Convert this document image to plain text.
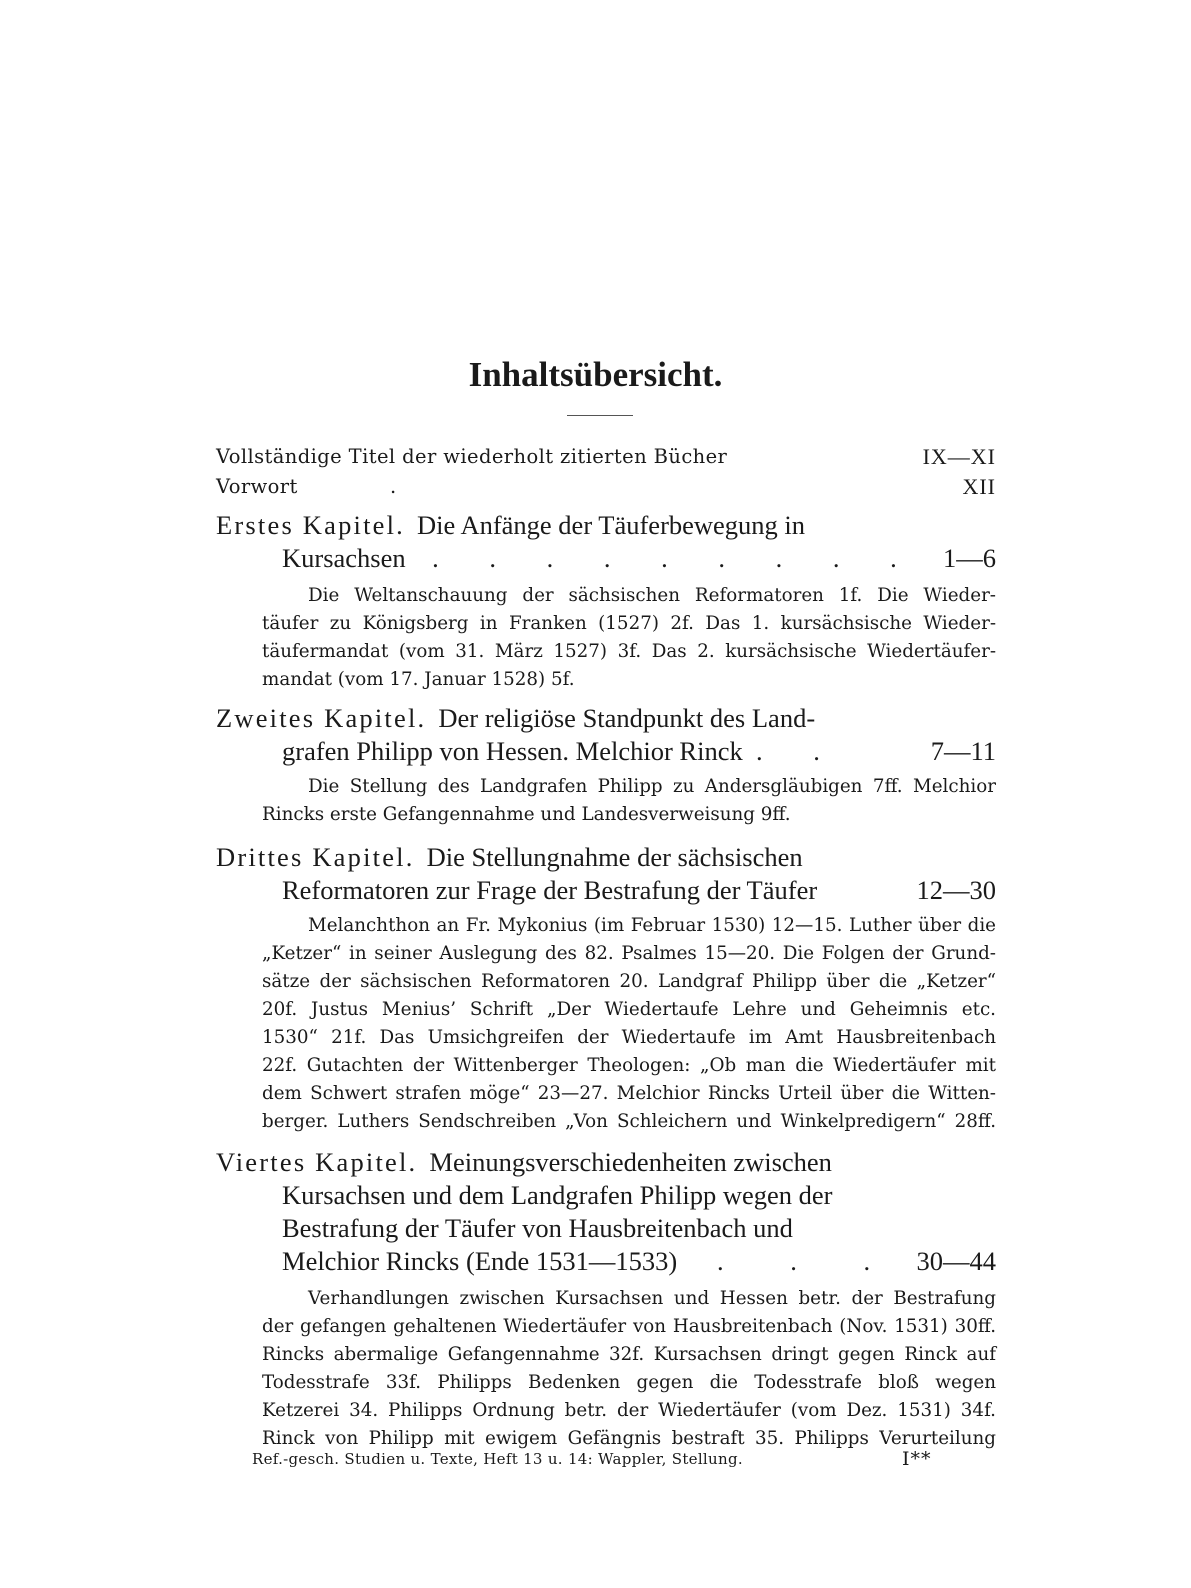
Inhaltsübersicht.
Vollständige Titel der wiederholt zitierten Bücher	IX—XI
Vorwort	.	XII
Erstes Kapitel. Die Anfänge der Täuferbewegung in
Kursachsen . . . . . . . . . 1—6
Die Weltanschauung der sächsischen Reformatoren 1f. Die Wieder-
täufer zu Königsberg in Franken (1527) 2f. Das 1. kursächsische Wieder-
täufermandat (vom 31. März 1527) 3f. Das 2. kursächsische Wiedertäufer-
mandat (vom 17. Januar 1528) 5f.
Zweites Kapitel. Der religiöse Standpunkt des Land-
grafen Philipp von Hessen. Melchior Rinck . .	7—11
Die Stellung des Landgrafen Philipp zu Andersgläubigen 7ff. Melchior
Rincks erste Gefangennahme und Landesverweisung 9ff.
Drittes Kapitel. Die Stellungnahme der sächsischen
Reformatoren zur Frage der Bestrafung der Täufer	12—30
Melanchthon an Fr. Mykonius (im Februar 1530) 12—15. Luther über die
„Ketzer“ in seiner Auslegung des 82. Psalmes 15—20. Die Folgen der Grund-
sätze der sächsischen Reformatoren 20. Landgraf Philipp über die „Ketzer“
20f. Justus Menius’ Schrift „Der Wiedertaufe Lehre und Geheimnis etc.
1530“ 21f. Das Umsichgreifen der Wiedertaufe im Amt Hausbreitenbach
22f. Gutachten der Wittenberger Theologen: „Ob man die Wiedertäufer mit
dem Schwert strafen möge“ 23—27. Melchior Rincks Urteil über die Witten-
berger. Luthers Sendschreiben „Von Schleichern und Winkelpredigern“ 28ff.
Viertes Kapitel. Meinungsverschiedenheiten zwischen
Kursachsen und dem Landgrafen Philipp wegen der
Bestrafung der Täufer von Hausbreitenbach und
Melchior Rincks (Ende 1531—1533) . . . 30—44
Verhandlungen zwischen Kursachsen und Hessen betr. der Bestrafung
der gefangen gehaltenen Wiedertäufer von Hausbreitenbach (Nov. 1531) 30ff.
Rincks abermalige Gefangennahme 32f. Kursachsen dringt gegen Rinck auf
Todesstrafe 33f. Philipps Bedenken gegen die Todesstrafe bloß wegen
Ketzerei 34. Philipps Ordnung betr. der Wiedertäufer (vom Dez. 1531) 34f.
Rinck von Philipp mit ewigem Gefängnis bestraft 35. Philipps Verurteilung
Ref.-gesch. Studien u. Texte, Heft 13 u. 14: Wappler, Stellung.	I**
